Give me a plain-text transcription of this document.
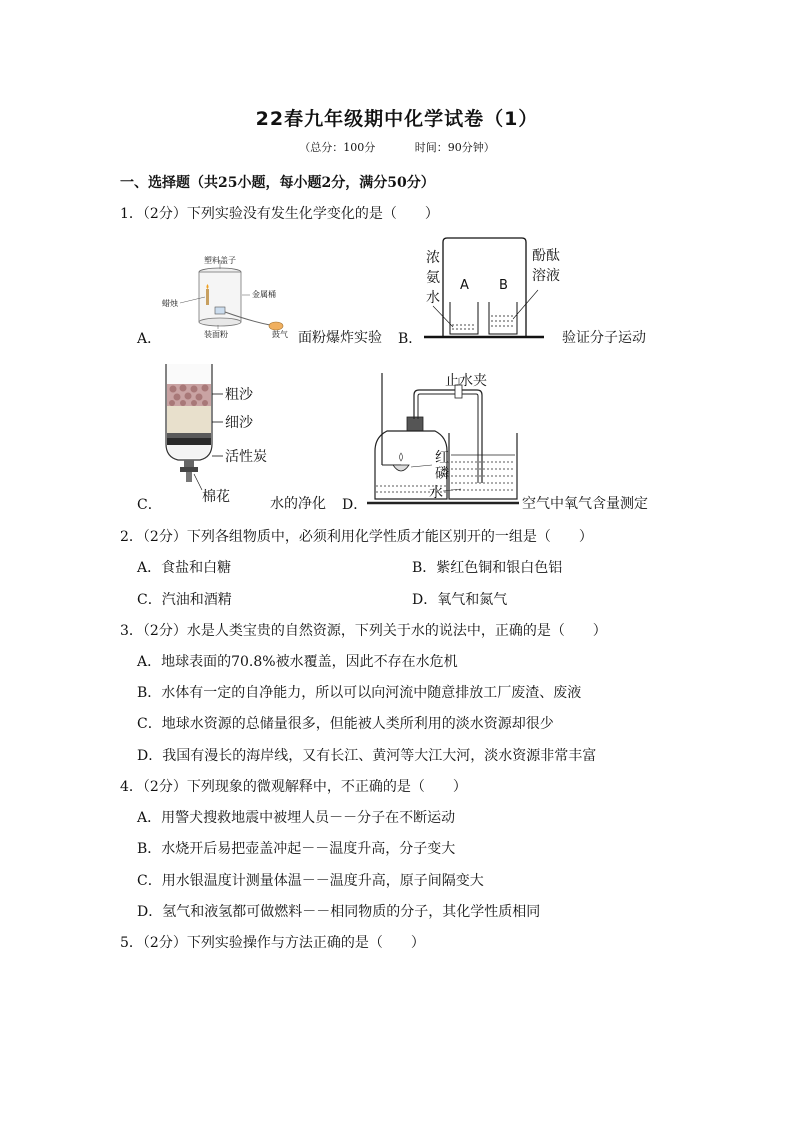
22春九年级期中化学试卷（1）
（总分：100分	时间：90分钟）
一、选择题（共25小题，每小题2分，满分50分）
1．（2分）下列实验没有发生化学变化的是（　　）
A．
塑料盖子
金属桶
蜡烛
装面粉	鼓气 面粉爆炸实验 B．
浓
氨
水
A B
酚酞
溶液
验证分子运动
C．
粗沙
细沙
活性炭
棉花	水的净化 D．
止水夹
红
磷
水
空气中氧气含量测定
2．（2分）下列各组物质中，必须利用化学性质才能区别开的一组是（　　）
A．食盐和白糖	B．紫红色铜和银白色铝
C．汽油和酒精	D．氧气和氮气
3．（2分）水是人类宝贵的自然资源，下列关于水的说法中，正确的是（　　）
A．地球表面的70.8%被水覆盖，因此不存在水危机
B．水体有一定的自净能力，所以可以向河流中随意排放工厂废渣、废液
C．地球水资源的总储量很多，但能被人类所利用的淡水资源却很少
D．我国有漫长的海岸线，又有长江、黄河等大江大河，淡水资源非常丰富
4．（2分）下列现象的微观解释中，不正确的是（　　）
A．用警犬搜救地震中被埋人员－－分子在不断运动
B．水烧开后易把壶盖冲起－－温度升高，分子变大
C．用水银温度计测量体温－－温度升高，原子间隔变大
D．氢气和液氢都可做燃料－－相同物质的分子，其化学性质相同
5．（2分）下列实验操作与方法正确的是（　　）
